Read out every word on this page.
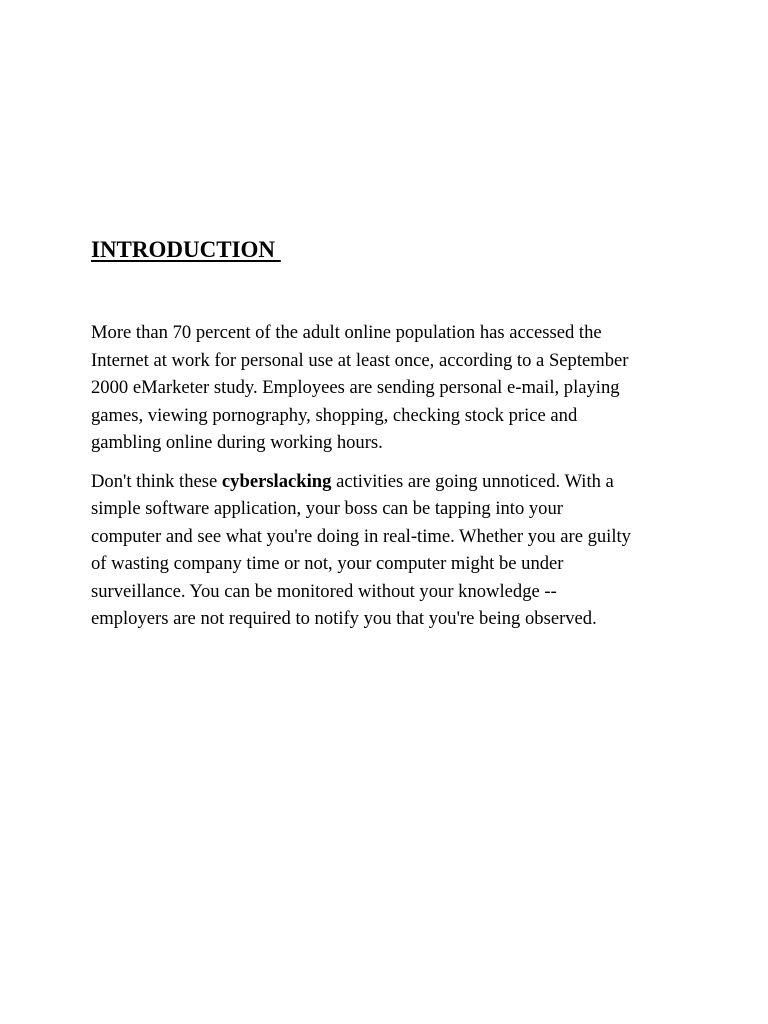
INTRODUCTION

More than 70 percent of the adult online population has accessed the
Internet at work for personal use at least once, according to a September
2000 eMarketer study. Employees are sending personal e-mail, playing
games, viewing pornography, shopping, checking stock price and
gambling online during working hours.

Don't think these cyberslacking activities are going unnoticed. With a
simple software application, your boss can be tapping into your
computer and see what you're doing in real-time. Whether you are guilty
of wasting company time or not, your computer might be under
surveillance. You can be monitored without your knowledge --
employers are not required to notify you that you're being observed.
